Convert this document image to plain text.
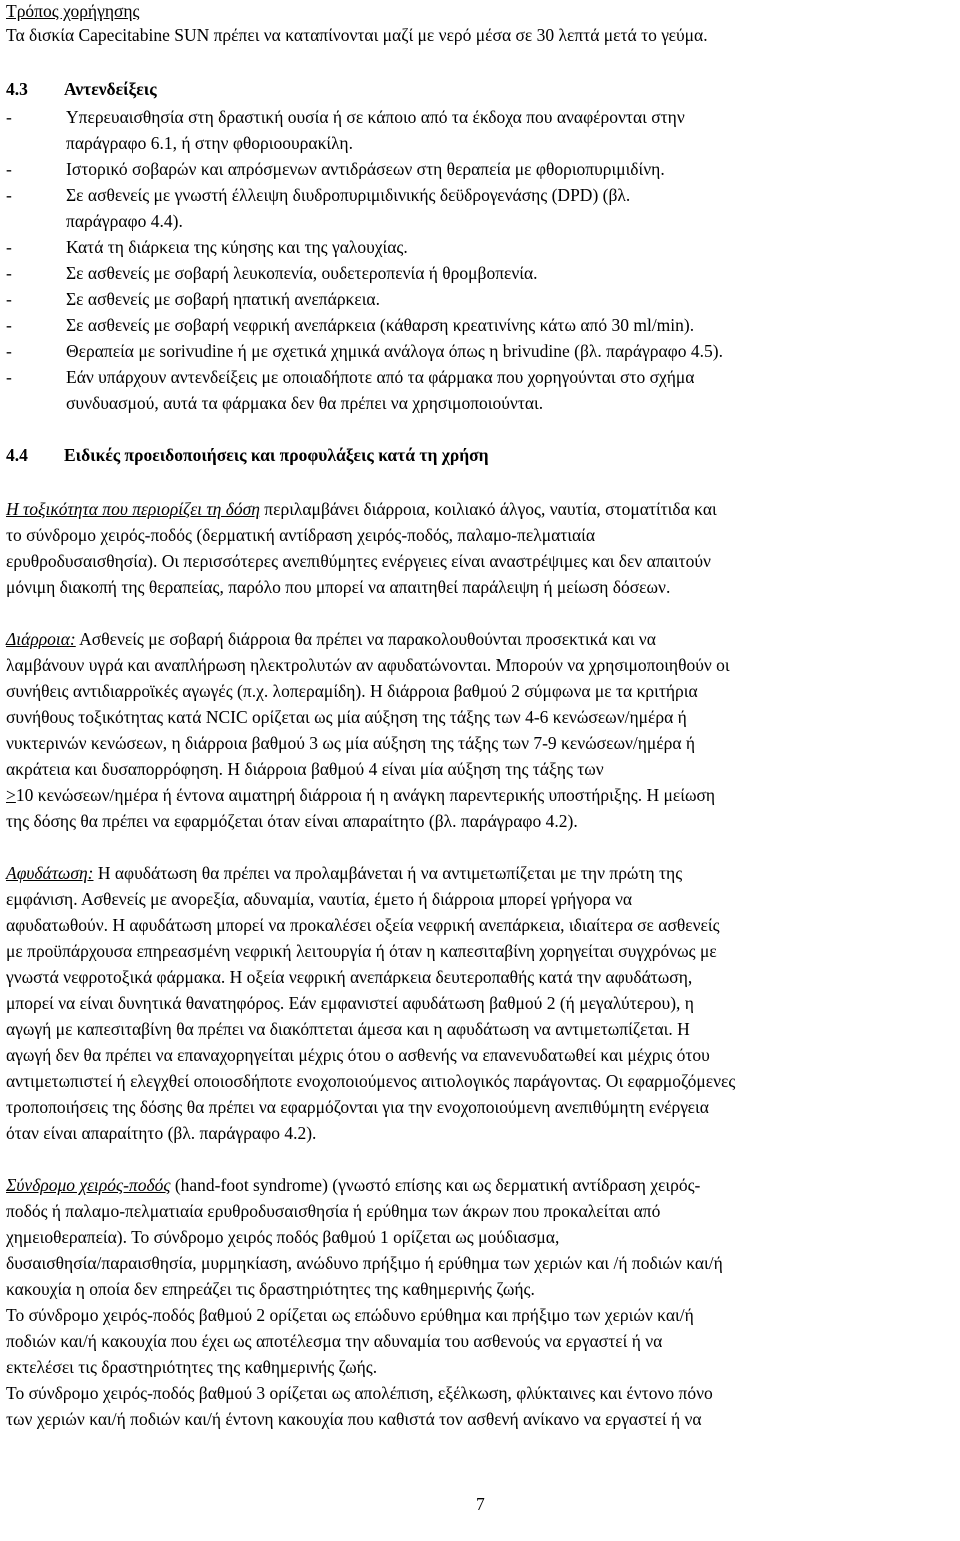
Τρόπος χορήγησης
Τα δισκία Capecitabine SUN πρέπει να καταπίνονται μαζί με νερό μέσα σε 30 λεπτά μετά το γεύμα.
4.3 Αντενδείξεις
-	Υπερευαισθησία στη δραστική ουσία ή σε κάποιο από τα έκδοχα που αναφέρονται στην
παράγραφο 6.1, ή στην φθοριοουρακίλη.
-	Ιστορικό σοβαρών και απρόσμενων αντιδράσεων στη θεραπεία με φθοριοπυριμιδίνη.
-	Σε ασθενείς με γνωστή έλλειψη διυδροπυριμιδινικής δεϋδρογενάσης (DPD) (βλ.
παράγραφο 4.4).
-	Κατά τη διάρκεια της κύησης και της γαλουχίας.
-	Σε ασθενείς με σοβαρή λευκοπενία, ουδετεροπενία ή θρομβοπενία.
-	Σε ασθενείς με σοβαρή ηπατική ανεπάρκεια.
-	Σε ασθενείς με σοβαρή νεφρική ανεπάρκεια (κάθαρση κρεατινίνης κάτω από 30 ml/min).
-	Θεραπεία με sorivudine ή με σχετικά χημικά ανάλογα όπως η brivudine (βλ. παράγραφο 4.5).
-	Εάν υπάρχουν αντενδείξεις με οποιαδήποτε από τα φάρμακα που χορηγούνται στο σχήμα
συνδυασμού, αυτά τα φάρμακα δεν θα πρέπει να χρησιμοποιούνται.
4.4 Ειδικές προειδοποιήσεις και προφυλάξεις κατά τη χρήση
Η τοξικότητα που περιορίζει τη δόση περιλαμβάνει διάρροια, κοιλιακό άλγος, ναυτία, στοματίτιδα και
το σύνδρομο χειρός-ποδός (δερματική αντίδραση χειρός-ποδός, παλαμο-πελματιαία
ερυθροδυσαισθησία). Οι περισσότερες ανεπιθύμητες ενέργειες είναι αναστρέψιμες και δεν απαιτούν
μόνιμη διακοπή της θεραπείας, παρόλο που μπορεί να απαιτηθεί παράλειψη ή μείωση δόσεων.
Διάρροια: Ασθενείς με σοβαρή διάρροια θα πρέπει να παρακολουθούνται προσεκτικά και να
λαμβάνουν υγρά και αναπλήρωση ηλεκτρολυτών αν αφυδατώνονται. Μπορούν να χρησιμοποιηθούν οι
συνήθεις αντιδιαρροϊκές αγωγές (π.χ. λοπεραμίδη). Η διάρροια βαθμού 2 σύμφωνα με τα κριτήρια
συνήθους τοξικότητας κατά NCIC ορίζεται ως μία αύξηση της τάξης των 4-6 κενώσεων/ημέρα ή
νυκτερινών κενώσεων, η διάρροια βαθμού 3 ως μία αύξηση της τάξης των 7-9 κενώσεων/ημέρα ή
ακράτεια και δυσαπορρόφηση. Η διάρροια βαθμού 4 είναι μία αύξηση της τάξης των
≥10 κενώσεων/ημέρα ή έντονα αιματηρή διάρροια ή η ανάγκη παρεντερικής υποστήριξης. Η μείωση
της δόσης θα πρέπει να εφαρμόζεται όταν είναι απαραίτητο (βλ. παράγραφο 4.2).
Αφυδάτωση: Η αφυδάτωση θα πρέπει να προλαμβάνεται ή να αντιμετωπίζεται με την πρώτη της
εμφάνιση. Ασθενείς με ανορεξία, αδυναμία, ναυτία, έμετο ή διάρροια μπορεί γρήγορα να
αφυδατωθούν. Η αφυδάτωση μπορεί να προκαλέσει οξεία νεφρική ανεπάρκεια, ιδιαίτερα σε ασθενείς
με προϋπάρχουσα επηρεασμένη νεφρική λειτουργία ή όταν η καπεσιταβίνη χορηγείται συγχρόνως με
γνωστά νεφροτοξικά φάρμακα. Η οξεία νεφρική ανεπάρκεια δευτεροπαθής κατά την αφυδάτωση,
μπορεί να είναι δυνητικά θανατηφόρος. Εάν εμφανιστεί αφυδάτωση βαθμού 2 (ή μεγαλύτερου), η
αγωγή με καπεσιταβίνη θα πρέπει να διακόπτεται άμεσα και η αφυδάτωση να αντιμετωπίζεται. Η
αγωγή δεν θα πρέπει να επαναχορηγείται μέχρις ότου ο ασθενής να επανενυδατωθεί και μέχρις ότου
αντιμετωπιστεί ή ελεγχθεί οποιοσδήποτε ενοχοποιούμενος αιτιολογικός παράγοντας. Οι εφαρμοζόμενες
τροποποιήσεις της δόσης θα πρέπει να εφαρμόζονται για την ενοχοποιούμενη ανεπιθύμητη ενέργεια
όταν είναι απαραίτητο (βλ. παράγραφο 4.2).
Σύνδρομο χειρός-ποδός (hand-foot syndrome) (γνωστό επίσης και ως δερματική αντίδραση χειρός-
ποδός ή παλαμο-πελματιαία ερυθροδυσαισθησία ή ερύθημα των άκρων που προκαλείται από
χημειοθεραπεία). Το σύνδρομο χειρός ποδός βαθμού 1 ορίζεται ως μούδιασμα,
δυσαισθησία/παραισθησία, μυρμηκίαση, ανώδυνο πρήξιμο ή ερύθημα των χεριών και /ή ποδιών και/ή
κακουχία η οποία δεν επηρεάζει τις δραστηριότητες της καθημερινής ζωής.
Το σύνδρομο χειρός-ποδός βαθμού 2 ορίζεται ως επώδυνο ερύθημα και πρήξιμο των χεριών και/ή
ποδιών και/ή κακουχία που έχει ως αποτέλεσμα την αδυναμία του ασθενούς να εργαστεί ή να
εκτελέσει τις δραστηριότητες της καθημερινής ζωής.
Το σύνδρομο χειρός-ποδός βαθμού 3 ορίζεται ως απολέπιση, εξέλκωση, φλύκταινες και έντονο πόνο
των χεριών και/ή ποδιών και/ή έντονη κακουχία που καθιστά τον ασθενή ανίκανο να εργαστεί ή να
7
